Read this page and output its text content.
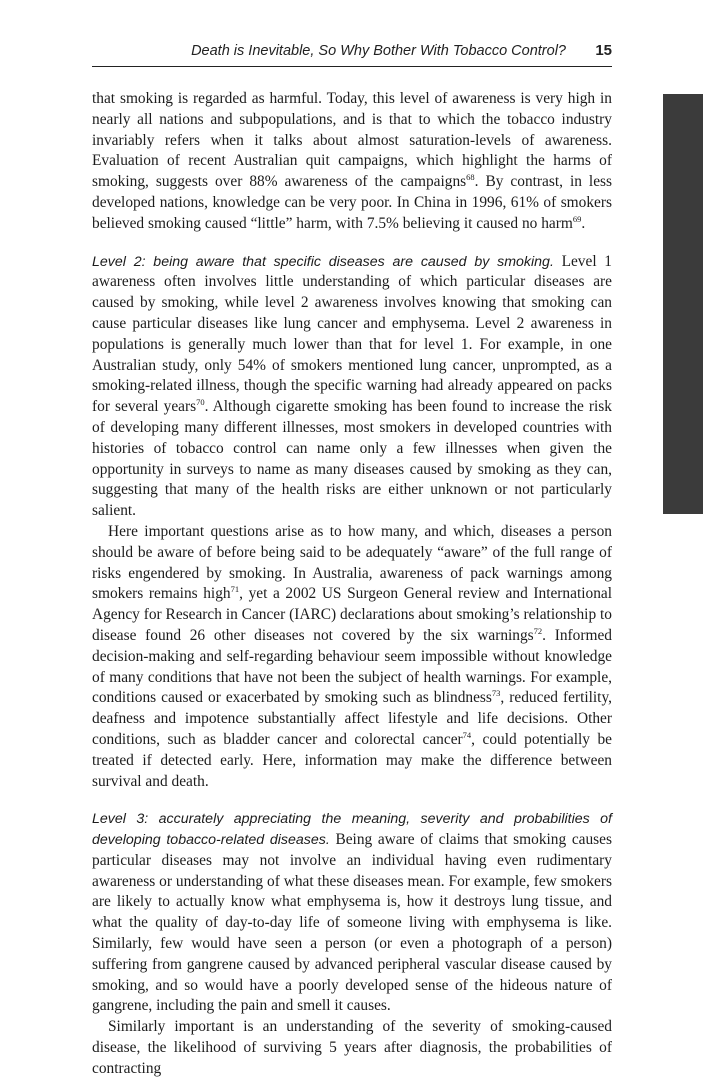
Death is Inevitable, So Why Bother With Tobacco Control? 15

that smoking is regarded as harmful. Today, this level of awareness is very high in nearly all nations and subpopulations, and is that to which the tobacco industry invariably refers when it talks about almost saturation-levels of awareness. Evaluation of recent Australian quit campaigns, which highlight the harms of smoking, suggests over 88% awareness of the campaigns$^{68}$. By contrast, in less developed nations, knowledge can be very poor. In China in 1996, 61% of smokers believed smoking caused “little” harm, with 7.5% believing it caused no harm$^{69}$.

Level 2: being aware that specific diseases are caused by smoking. Level 1 awareness often involves little understanding of which particular diseases are caused by smoking, while level 2 awareness involves knowing that smoking can cause particular diseases like lung cancer and emphysema. Level 2 awareness in populations is generally much lower than that for level 1. For example, in one Australian study, only 54% of smokers mentioned lung cancer, unprompted, as a smoking-related illness, though the specific warning had already appeared on packs for several years$^{70}$. Although cigarette smoking has been found to increase the risk of developing many different illnesses, most smokers in developed countries with histories of tobacco control can name only a few illnesses when given the opportunity in surveys to name as many diseases caused by smoking as they can, suggesting that many of the health risks are either unknown or not particularly salient.

Here important questions arise as to how many, and which, diseases a person should be aware of before being said to be adequately “aware” of the full range of risks engendered by smoking. In Australia, awareness of pack warnings among smokers remains high$^{71}$, yet a 2002 US Surgeon General review and International Agency for Research in Cancer (IARC) declarations about smoking’s relationship to disease found 26 other diseases not covered by the six warnings$^{72}$. Informed decision-making and self-regarding behaviour seem impossible without knowledge of many conditions that have not been the subject of health warnings. For example, conditions caused or exacerbated by smoking such as blindness$^{73}$, reduced fertility, deafness and impotence substantially affect lifestyle and life decisions. Other conditions, such as bladder cancer and colorectal cancer$^{74}$, could potentially be treated if detected early. Here, information may make the difference between survival and death.

Level 3: accurately appreciating the meaning, severity and probabilities of developing tobacco-related diseases. Being aware of claims that smoking causes particular diseases may not involve an individual having even rudimentary awareness or understanding of what these diseases mean. For example, few smokers are likely to actually know what emphysema is, how it destroys lung tissue, and what the quality of day-to-day life of someone living with emphysema is like. Similarly, few would have seen a person (or even a photograph of a person) suffering from gangrene caused by advanced peripheral vascular disease caused by smoking, and so would have a poorly developed sense of the hideous nature of gangrene, including the pain and smell it causes.

Similarly important is an understanding of the severity of smoking-caused disease, the likelihood of surviving 5 years after diagnosis, the probabilities of contracting
